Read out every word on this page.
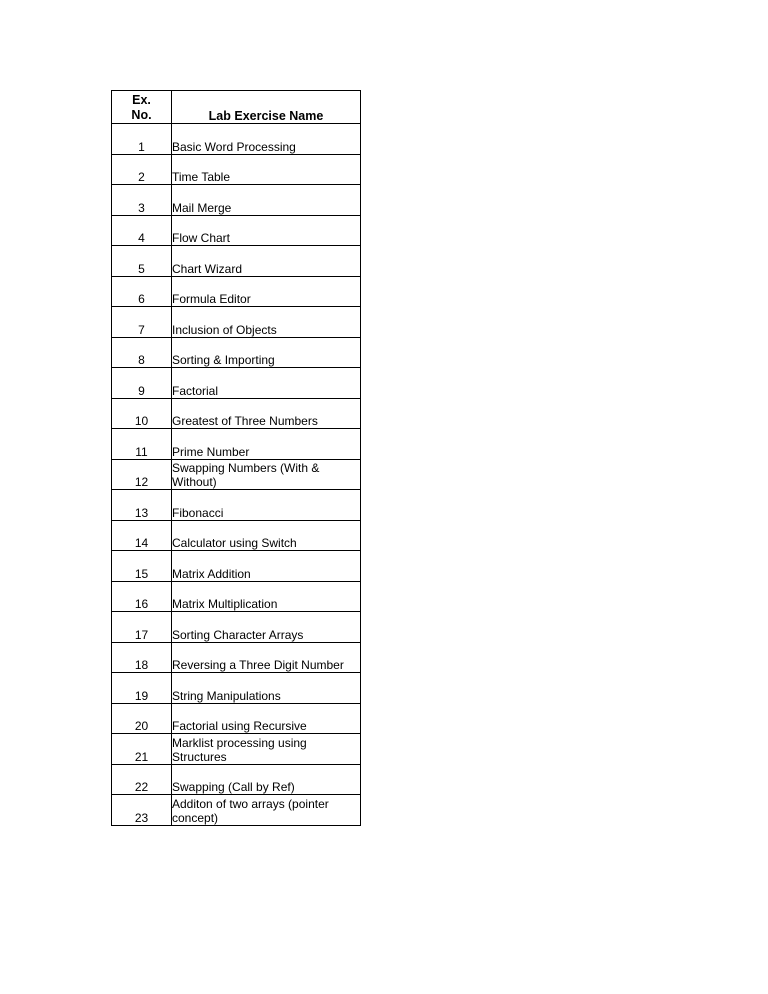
Ex.
No.	Lab Exercise Name
1	Basic Word Processing
2	Time Table
3	Mail Merge
4	Flow Chart
5	Chart Wizard
6	Formula Editor
7	Inclusion of Objects
8	Sorting & Importing
9	Factorial
10	Greatest of Three Numbers
11	Prime Number
12	Swapping Numbers (With & Without)
13	Fibonacci
14	Calculator using Switch
15	Matrix Addition
16	Matrix Multiplication
17	Sorting Character Arrays
18	Reversing a Three Digit Number
19	String Manipulations
20	Factorial using Recursive
21	Marklist processing using Structures
22	Swapping (Call by Ref)
23	Additon of two arrays (pointer concept)
